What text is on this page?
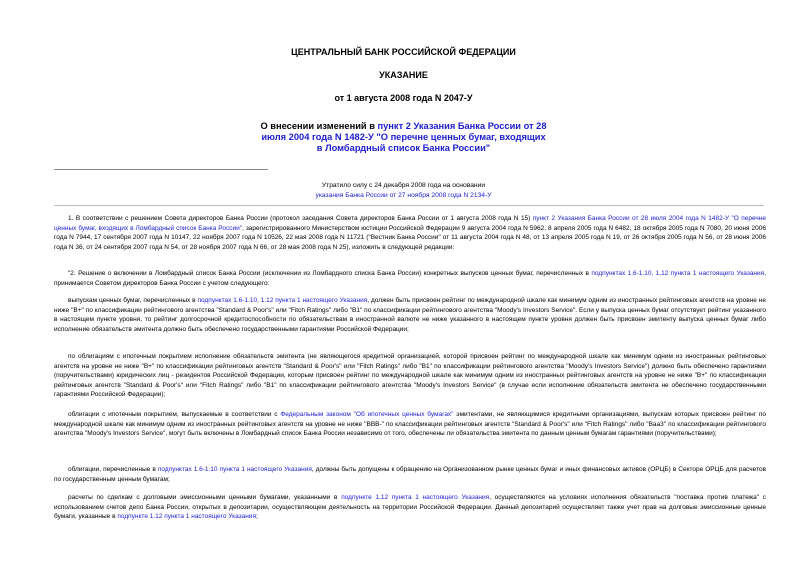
ЦЕНТРАЛЬНЫЙ БАНК РОССИЙСКОЙ ФЕДЕРАЦИИ
УКАЗАНИЕ
от 1 августа 2008 года N 2047-У
О внесении изменений в пункт 2 Указания Банка России от 28 июля 2004 года N 1482-У "О перечне ценных бумаг, входящих в Ломбардный список Банка России"
Утратило силу с 24 декабря 2008 года на основании
указания Банка России от 27 ноября 2008 года N 2134-У

1. В соответствии с решением Совета директоров Банка России (протокол заседания Совета директоров Банка России от 1 августа 2008 года N 15) пункт 2 Указания Банка России от 28 июля 2004 года N 1482-У "О перечне ценных бумаг, входящих в Ломбардный список Банка России", зарегистрированного Министерством юстиции Российской Федерации 9 августа 2004 года N 5962, 8 апреля 2005 года N 6482, 18 октября 2005 года N 7080, 20 июня 2006 года N 7944, 17 сентября 2007 года N 10147, 22 ноября 2007 года N 10526, 22 мая 2008 года N 11721 ("Вестник Банка России" от 11 августа 2004 года N 48, от 13 апреля 2005 года N 19, от 26 октября 2005 года N 56, от 28 июня 2006 года N 36, от 24 сентября 2007 года N 54, от 28 ноября 2007 года N 66, от 28 мая 2008 года N 25), изложить в следующей редакции:

"2. Решение о включении в Ломбардный список Банка России (исключении из Ломбардного списка Банка России) конкретных выпусков ценных бумаг, перечисленных в подпунктах 1.6-1.10, 1.12 пункта 1 настоящего Указания, принимается Советом директоров Банка России с учетом следующего:

выпускам ценных бумаг, перечисленных в подпунктах 1.6-1.10, 1.12 пункта 1 настоящего Указания, должен быть присвоен рейтинг по международной шкале как минимум одним из иностранных рейтинговых агентств на уровне не ниже "B+" по классификации рейтингового агентства "Standard & Poor's" или "Fitch Ratings" либо "B1" по классификации рейтингового агентства "Moody's Investors Service". Если у выпуска ценных бумаг отсутствует рейтинг указанного в настоящем пункте уровня, то рейтинг долгосрочной кредитоспособности по обязательствам в иностранной валюте не ниже указанного в настоящем пункте уровня должен быть присвоен эмитенту выпуска ценных бумаг либо исполнение обязательств эмитента должно быть обеспечено государственными гарантиями Российской Федерации;

по облигациям с ипотечным покрытием исполнение обязательств эмитента (не являющегося кредитной организацией, которой присвоен рейтинг по международной шкале как минимум одним из иностранных рейтинговых агентств на уровне не ниже "B+" по классификации рейтинговых агентств "Standard & Poor's" или "Fitch Ratings" либо "B1" по классификации рейтингового агентства "Moody's Investors Service") должно быть обеспечено гарантиями (поручительствами) юридических лиц - резидентов Российской Федерации, которым присвоен рейтинг по международной шкале как минимум одним из иностранных рейтинговых агентств на уровне не ниже "B+" по классификации рейтинговых агентств "Standard & Poor's" или "Fitch Ratings" либо "B1" по классификации рейтингового агентства "Moody's Investors Service" (в случае если исполнение обязательств эмитента не обеспечено государственными гарантиями Российской Федерации);

облигации с ипотечным покрытием, выпускаемые в соответствии с Федеральным законом "Об ипотечных ценных бумагах" эмитентами, не являющимися кредитными организациями, выпускам которых присвоен рейтинг по международной шкале как минимум одним из иностранных рейтинговых агентств на уровне не ниже "BBB-" по классификации рейтинговых агентств "Standard & Poor's" или "Fitch Ratings" либо "Baa3" по классификации рейтингового агентства "Moody's Investors Service", могут быть включены в Ломбардный список Банка России независимо от того, обеспечены ли обязательства эмитента по данным ценным бумагам гарантиями (поручительствами);

облигации, перечисленные в подпунктах 1.6-1.10 пункта 1 настоящего Указания, должны быть допущены к обращению на Организованном рынке ценных бумаг и иных финансовых активов (ОРЦБ) в Секторе ОРЦБ для расчетов по государственным ценным бумагам;

расчеты по сделкам с долговыми эмиссионными ценными бумагами, указанными в подпункте 1.12 пункта 1 настоящего Указания, осуществляются на условиях исполнения обязательств "поставка против платежа" с использованием счетов депо Банка России, открытых в депозитарии, осуществляющем деятельность на территории Российской Федерации. Данный депозитарий осуществляет также учет прав на долговые эмиссионные ценные бумаги, указанные в подпункте 1.12 пункта 1 настоящего Указания;
